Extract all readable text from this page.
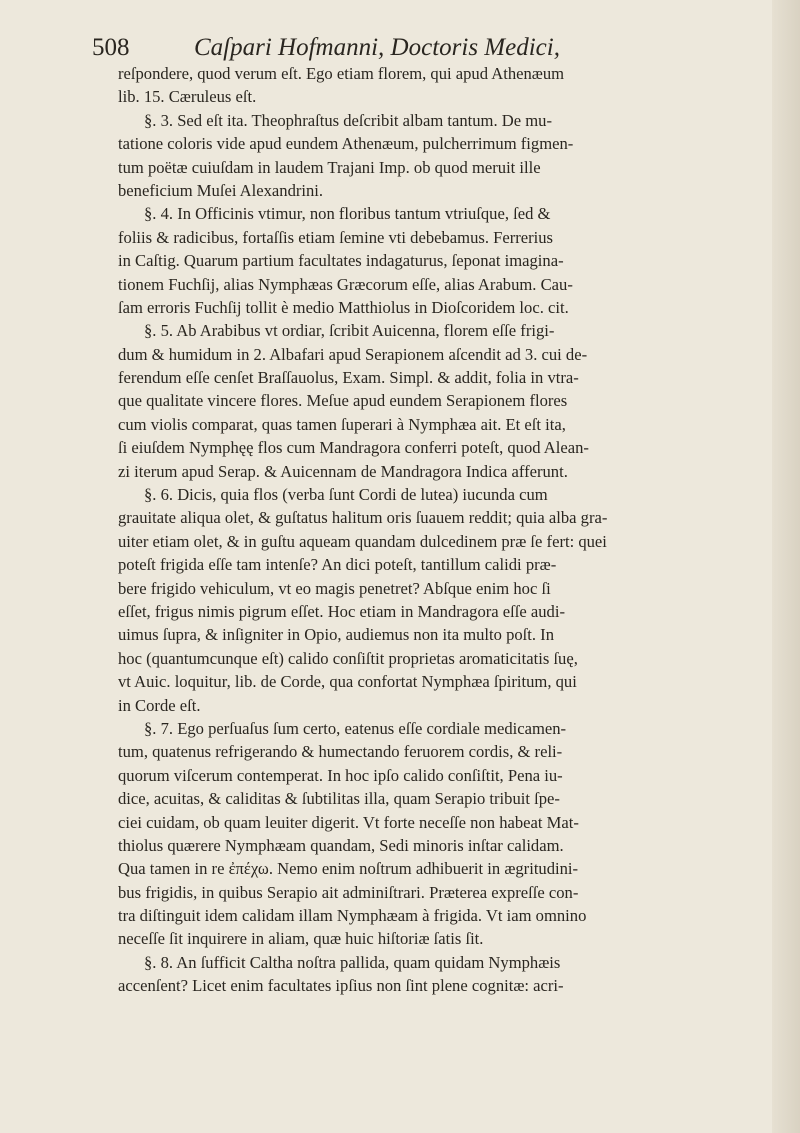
508	Caſpari Hofmanni, Doctoris Medici,
reſpondere, quod verum eſt. Ego etiam florem, qui apud Athenæum
lib. 15. Cæruleus eſt.
§. 3. Sed eſt ita. Theophraſtus deſcribit albam tantum. De mu-
tatione coloris vide apud eundem Athenæum, pulcherrimum figmen-
tum poëtæ cuiuſdam in laudem Trajani Imp. ob quod meruit ille
beneficium Muſei Alexandrini.
§. 4. In Officinis vtimur, non floribus tantum vtriuſque, ſed &
foliis & radicibus, fortaſſis etiam ſemine vti debebamus. Ferrerius
in Caſtig. Quarum partium facultates indagaturus, ſeponat imagina-
tionem Fuchſij, alias Nymphæas Græcorum eſſe, alias Arabum. Cau-
ſam erroris Fuchſij tollit è medio Matthiolus in Dioſcoridem loc. cit.
§. 5. Ab Arabibus vt ordiar, ſcribit Auicenna, florem eſſe frigi-
dum & humidum in 2. Albafari apud Serapionem aſcendit ad 3. cui de-
ferendum eſſe cenſet Braſſauolus, Exam. Simpl. & addit, folia in vtra-
que qualitate vincere flores. Meſue apud eundem Serapionem flores
cum violis comparat, quas tamen ſuperari à Nymphæa ait. Et eſt ita,
ſi eiuſdem Nymphęę flos cum Mandragora conferri poteſt, quod Alean-
zi iterum apud Serap. & Auicennam de Mandragora Indica afferunt.
§. 6. Dicis, quia flos (verba ſunt Cordi de lutea) iucunda cum
grauitate aliqua olet, & guſtatus halitum oris ſuauem reddit; quia alba gra-
uiter etiam olet, & in guſtu aqueam quandam dulcedinem præ ſe fert: quei
poteſt frigida eſſe tam intenſe? An dici poteſt, tantillum calidi præ-
bere frigido vehiculum, vt eo magis penetret? Abſque enim hoc ſi
eſſet, frigus nimis pigrum eſſet. Hoc etiam in Mandragora eſſe audi-
uimus ſupra, & inſigniter in Opio, audiemus non ita multo poſt. In
hoc (quantumcunque eſt) calido conſiſtit proprietas aromaticitatis ſuę,
vt Auic. loquitur, lib. de Corde, qua confortat Nymphæa ſpiritum, qui
in Corde eſt.
§. 7. Ego perſuaſus ſum certo, eatenus eſſe cordiale medicamen-
tum, quatenus refrigerando & humectando feruorem cordis, & reli-
quorum viſcerum contemperat. In hoc ipſo calido conſiſtit, Pena iu-
dice, acuitas, & caliditas & ſubtilitas illa, quam Serapio tribuit ſpe-
ciei cuidam, ob quam leuiter digerit. Vt forte neceſſe non habeat Mat-
thiolus quærere Nymphæam quandam, Sedi minoris inſtar calidam.
Qua tamen in re ἐπέχω. Nemo enim noſtrum adhibuerit in ægritudini-
bus frigidis, in quibus Serapio ait adminiſtrari. Præterea expreſſe con-
tra diſtinguit idem calidam illam Nymphæam à frigida. Vt iam omnino
neceſſe ſit inquirere in aliam, quæ huic hiſtoriæ ſatis ſit.
§. 8. An ſufficit Caltha noſtra pallida, quam quidam Nymphæis
accenſent? Licet enim facultates ipſius non ſint plene cognitæ: acri-
